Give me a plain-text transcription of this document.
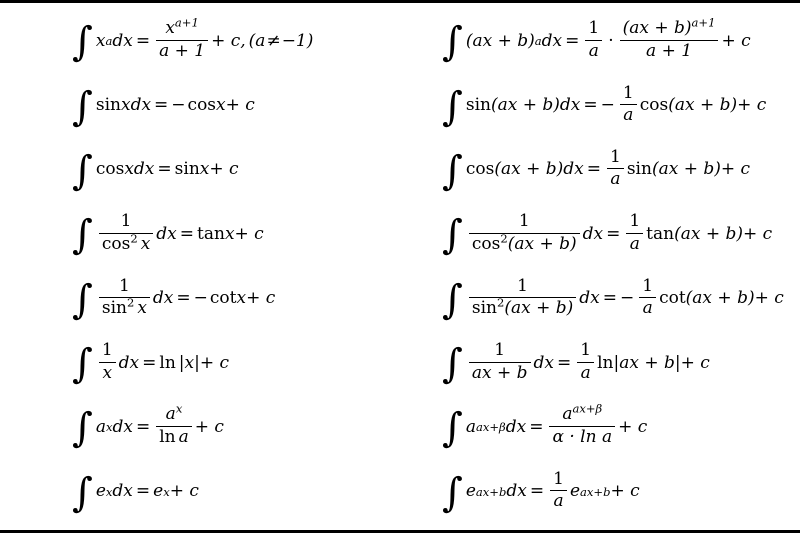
∫ x a dx = $\frac{x^{a+1}}{a + 1} + c$, (a ≠ −1)
∫ sin x dx = − cos x + c
∫ cos x dx = sin x + c
∫ $\frac{1}{\cos^2 x}$ dx = tan x + c
∫ $\frac{1}{\sin^2 x}$ dx = − cot x + c
∫ $\frac{1}{x}$ dx = ln |x| + c
∫ a x dx = $\frac{a^x}{\text{ln a}} + c$
∫ e x dx = e x + c
∫ (ax + b) a dx = $\frac{1}{a} \cdot \frac{(ax + b)^{a+1}}{a + 1} + c$
∫ sin (ax + b) dx = − $\frac{1}{a}$ cos (ax + b) + c
∫ cos (ax + b) dx = $\frac{1}{a}$ sin (ax + b) + c
∫ $\frac{1}{\cos^2(ax + b)}$ dx = $\frac{1}{a}$ tan (ax + b) + c
∫ $\frac{1}{\sin^2(ax + b)}$ dx = − $\frac{1}{a}$ cot (ax + b) + c
∫ $\frac{1}{ax + b}$ dx = $\frac{1}{a}$ ln |ax + b| + c
∫ a ax+β dx = $\frac{a^{ax+\beta}}{\text{α · ln a}} + c$
∫ e ax+b dx = $\frac{1}{a}$ e ax+b + c
